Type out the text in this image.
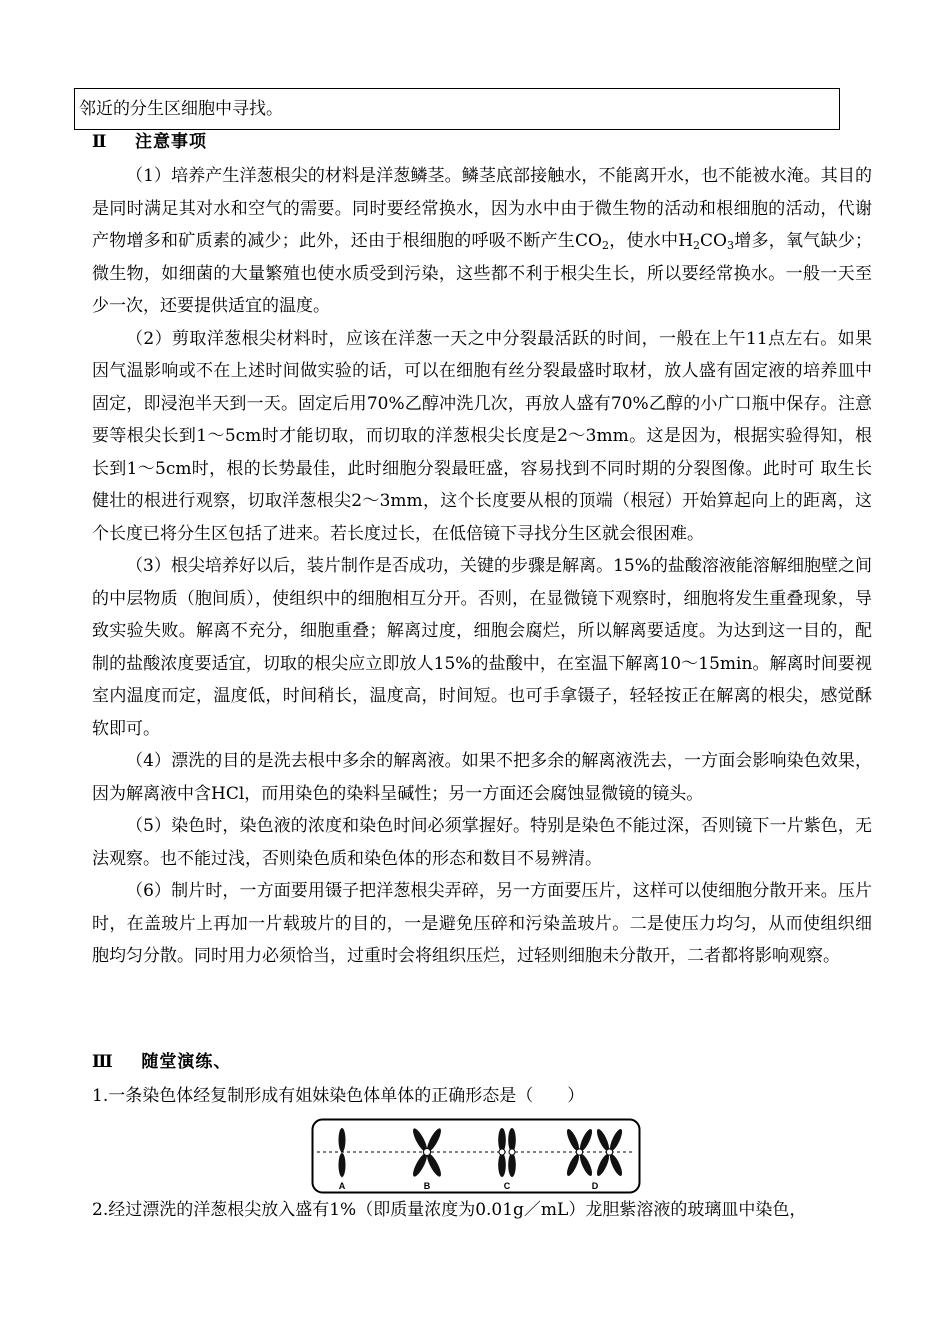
邻近的分生区细胞中寻找。
Ⅱ 注意事项

（1）培养产生洋葱根尖的材料是洋葱鳞茎。鳞茎底部接触水，不能离开水，也不能被水淹。其目的是同时满足其对水和空气的需要。同时要经常换水，因为水中由于微生物的活动和根细胞的活动，代谢产物增多和矿质素的减少；此外，还由于根细胞的呼吸不断产生$CO_2$，使水中$H_2CO_3$增多，氧气缺少；微生物，如细菌的大量繁殖也使水质受到污染，这些都不利于根尖生长，所以要经常换水。一般一天至少一次，还要提供适宜的温度。

（2）剪取洋葱根尖材料时，应该在洋葱一天之中分裂最活跃的时间，一般在上午11点左右。如果因气温影响或不在上述时间做实验的话，可以在细胞有丝分裂最盛时取材，放人盛有固定液的培养皿中固定，即浸泡半天到一天。固定后用70%乙醇冲洗几次，再放人盛有70%乙醇的小广口瓶中保存。注意要等根尖长到1～5cm时才能切取，而切取的洋葱根尖长度是2～3mm。这是因为，根据实验得知，根长到1～5cm时，根的长势最佳，此时细胞分裂最旺盛，容易找到不同时期的分裂图像。此时可 取生长健壮的根进行观察，切取洋葱根尖2～3mm，这个长度要从根的顶端（根冠）开始算起向上的距离，这个长度已将分生区包括了进来。若长度过长，在低倍镜下寻找分生区就会很困难。

（3）根尖培养好以后，装片制作是否成功，关键的步骤是解离。15%的盐酸溶液能溶解细胞壁之间的中层物质（胞间质），使组织中的细胞相互分开。否则，在显微镜下观察时，细胞将发生重叠现象，导致实验失败。解离不充分，细胞重叠；解离过度，细胞会腐烂，所以解离要适度。为达到这一目的，配制的盐酸浓度要适宜，切取的根尖应立即放人15%的盐酸中，在室温下解离10～15min。解离时间要视室内温度而定，温度低，时间稍长，温度高，时间短。也可手拿镊子，轻轻按正在解离的根尖，感觉酥软即可。

（4）漂洗的目的是洗去根中多余的解离液。如果不把多余的解离液洗去，一方面会影响染色效果，因为解离液中含HCl，而用染色的染料呈碱性；另一方面还会腐蚀显微镜的镜头。

（5）染色时，染色液的浓度和染色时间必须掌握好。特别是染色不能过深，否则镜下一片紫色，无法观察。也不能过浅，否则染色质和染色体的形态和数目不易辨清。

（6）制片时，一方面要用镊子把洋葱根尖弄碎，另一方面要压片，这样可以使细胞分散开来。压片时，在盖玻片上再加一片载玻片的目的，一是避免压碎和污染盖玻片。二是使压力均匀，从而使组织细胞均匀分散。同时用力必须恰当，过重时会将组织压烂，过轻则细胞未分散开，二者都将影响观察。

Ⅲ 随堂演练、
1.一条染色体经复制形成有姐妹染色体单体的正确形态是（　　）
A	B	C	D
2.经过漂洗的洋葱根尖放入盛有1%（即质量浓度为0.01g／mL）龙胆紫溶液的玻璃皿中染色，
